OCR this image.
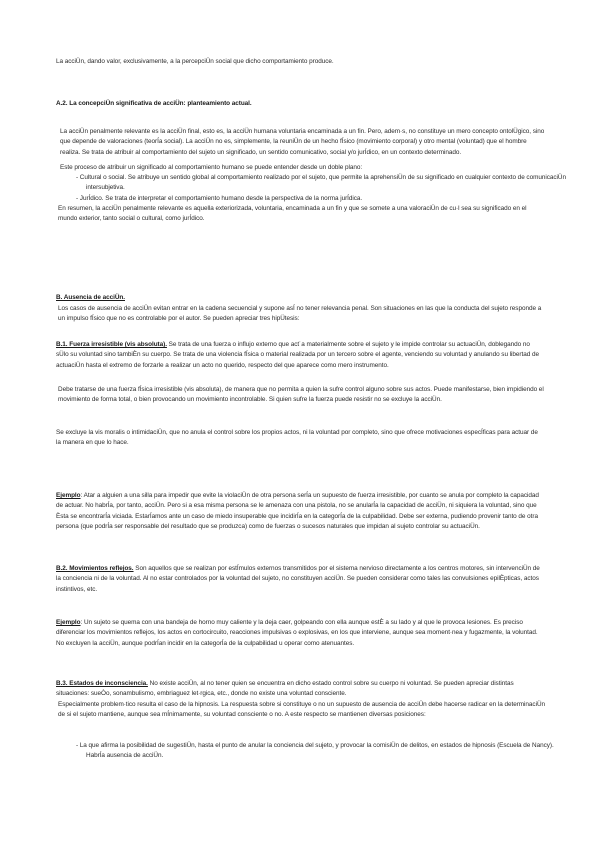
La acciÜn, dando valor, exclusivamente, a la percepciÜn social que dicho comportamiento produce.

A.2. La concepciÜn significativa de acciÜn: planteamiento actual.

La acciÜn penalmente relevante es la acciÜn final, esto es, la acciÜn humana voluntaria encaminada a un fin. Pero, adem·s, no constituye un mero concepto ontolÜgico, sino que depende de valoraciones (teorÍa social). La acciÜn no es, simplemente, la reuniÜn de un hecho fÍsico (movimiento corporal) y otro mental (voluntad) que el hombre realiza. Se trata de atribuir al comportamiento del sujeto un significado, un sentido comunicativo, social y/o jurÍdico, en un contexto determinado.

Este proceso de atribuir un significado al comportamiento humano se puede entender desde un doble plano:

- Cultural o social. Se atribuye un sentido global al comportamiento realizado por el sujeto, que permite la aprehensiÜn de su significado en cualquier contexto de comunicaciÜn intersubjetiva.

- JurÍdico. Se trata de interpretar el comportamiento humano desde la perspectiva de la norma jurÍdica.

En resumen, la acciÜn penalmente relevante es aquella exteriorizada, voluntaria, encaminada a un fin y que se somete a una valoraciÜn de cu·l sea su significado en el mundo exterior, tanto social o cultural, como jurÍdico.

B. Ausencia de acciÜn.

Los casos de ausencia de acciÜn evitan entrar en la cadena secuencial y supone asÍ no tener relevancia penal. Son situaciones en las que la conducta del sujeto responde a un impulso fÍsico que no es controlable por el autor. Se pueden apreciar tres hipÜtesis:

B.1. Fuerza irresistible (vis absoluta). Se trata de una fuerza o influjo externo que act˙a materialmente sobre el sujeto y le impide controlar su actuaciÜn, doblegando no sÜlo su voluntad sino tambiÈn su cuerpo. Se trata de una violencia fÍsica o material realizada por un tercero sobre el agente, venciendo su voluntad y anulando su libertad de actuaciÜn hasta el extremo de forzarle a realizar un acto no querido, respecto del que aparece como mero instrumento.

Debe tratarse de una fuerza fÍsica irresistible (vis absoluta), de manera que no permita a quien la sufre control alguno sobre sus actos. Puede manifestarse, bien impidiendo el movimiento de forma total, o bien provocando un movimiento incontrolable. Si quien sufre la fuerza puede resistir no se excluye la acciÜn.

Se excluye la vis moralis o intimidaciÜn, que no anula el control sobre los propios actos, ni la voluntad por completo, sino que ofrece motivaciones especÍficas para actuar de la manera en que lo hace.

Ejemplo: Atar a alguien a una silla para impedir que evite la violaciÜn de otra persona serÍa un supuesto de fuerza irresistible, por cuanto se anula por completo la capacidad de actuar. No habrÍa, por tanto, acciÜn. Pero si a esa misma persona se le amenaza con una pistola, no se anularÍa la capacidad de acciÜn, ni siquiera la voluntad, sino que Èsta se encontrarÍa viciada. EstarÍamos ante un caso de miedo insuperable que incidirÍa en la categorÍa de la culpabilidad. Debe ser externa, pudiendo provenir tanto de otra persona (que podrÍa ser responsable del resultado que se produzca) como de fuerzas o sucesos naturales que impidan al sujeto controlar su actuaciÜn.

B.2. Movimientos reflejos. Son aquellos que se realizan por estÍmulos externos transmitidos por el sistema nervioso directamente a los centros motores, sin intervenciÜn de la conciencia ni de la voluntad. Al no estar controlados por la voluntad del sujeto, no constituyen acciÜn. Se pueden considerar como tales las convulsiones epilÈpticas, actos instintivos, etc.

Ejemplo: Un sujeto se quema con una bandeja de horno muy caliente y la deja caer, golpeando con ella aunque estÈ a su lado y al que le provoca lesiones. Es preciso diferenciar los movimientos reflejos, los actos en cortocircuito, reacciones impulsivas o explosivas, en los que interviene, aunque sea moment·nea y fugazmente, la voluntad. No excluyen la acciÜn, aunque podrÍan incidir en la categorÍa de la culpabilidad u operar como atenuantes.

B.3. Estados de inconsciencia. No existe acciÜn, al no tener quien se encuentra en dicho estado control sobre su cuerpo ni voluntad. Se pueden apreciar distintas situaciones: sueÒo, sonambulismo, embriaguez let·rgica, etc., donde no existe una voluntad consciente.

Especialmente problem·tico resulta el caso de la hipnosis. La respuesta sobre si constituye o no un supuesto de ausencia de acciÜn debe hacerse radicar en la determinaciÜn de si el sujeto mantiene, aunque sea mÍnimamente, su voluntad consciente o no. A este respecto se mantienen diversas posiciones:

- La que afirma la posibilidad de sugestiÜn, hasta el punto de anular la conciencia del sujeto, y provocar la comisiÜn de delitos, en estados de hipnosis (Escuela de Nancy). HabrÍa ausencia de acciÜn.
